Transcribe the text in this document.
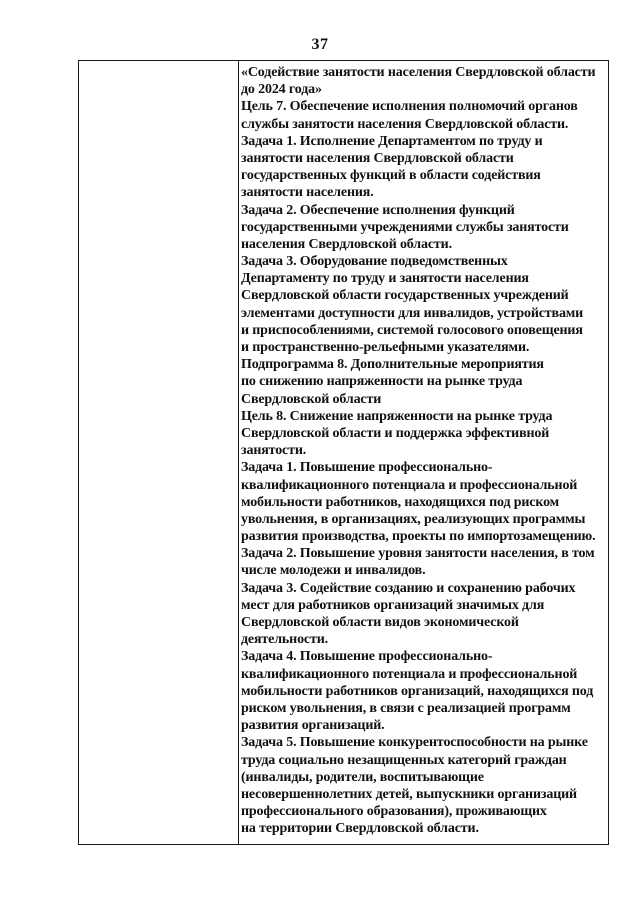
37
«Содействие занятости населения Свердловской области
до 2024 года»
Цель 7. Обеспечение исполнения полномочий органов
службы занятости населения Свердловской области.
Задача 1. Исполнение Департаментом по труду и
занятости населения Свердловской области
государственных функций в области содействия
занятости населения.
Задача 2. Обеспечение исполнения функций
государственными учреждениями службы занятости
населения Свердловской области.
Задача 3. Оборудование подведомственных
Департаменту по труду и занятости населения
Свердловской области государственных учреждений
элементами доступности для инвалидов, устройствами
и приспособлениями, системой голосового оповещения
и пространственно-рельефными указателями.
Подпрограмма 8. Дополнительные мероприятия
по снижению напряженности на рынке труда
Свердловской области
Цель 8. Снижение напряженности на рынке труда
Свердловской области и поддержка эффективной
занятости.
Задача 1. Повышение профессионально-
квалификационного потенциала и профессиональной
мобильности работников, находящихся под риском
увольнения, в организациях, реализующих программы
развития производства, проекты по импортозамещению.
Задача 2. Повышение уровня занятости населения, в том
числе молодежи и инвалидов.
Задача 3. Содействие созданию и сохранению рабочих
мест для работников организаций значимых для
Свердловской области видов экономической
деятельности.
Задача 4. Повышение профессионально-
квалификационного потенциала и профессиональной
мобильности работников организаций, находящихся под
риском увольнения, в связи с реализацией программ
развития организаций.
Задача 5. Повышение конкурентоспособности на рынке
труда социально незащищенных категорий граждан
(инвалиды, родители, воспитывающие
несовершеннолетних детей, выпускники организаций
профессионального образования), проживающих
на территории Свердловской области.
